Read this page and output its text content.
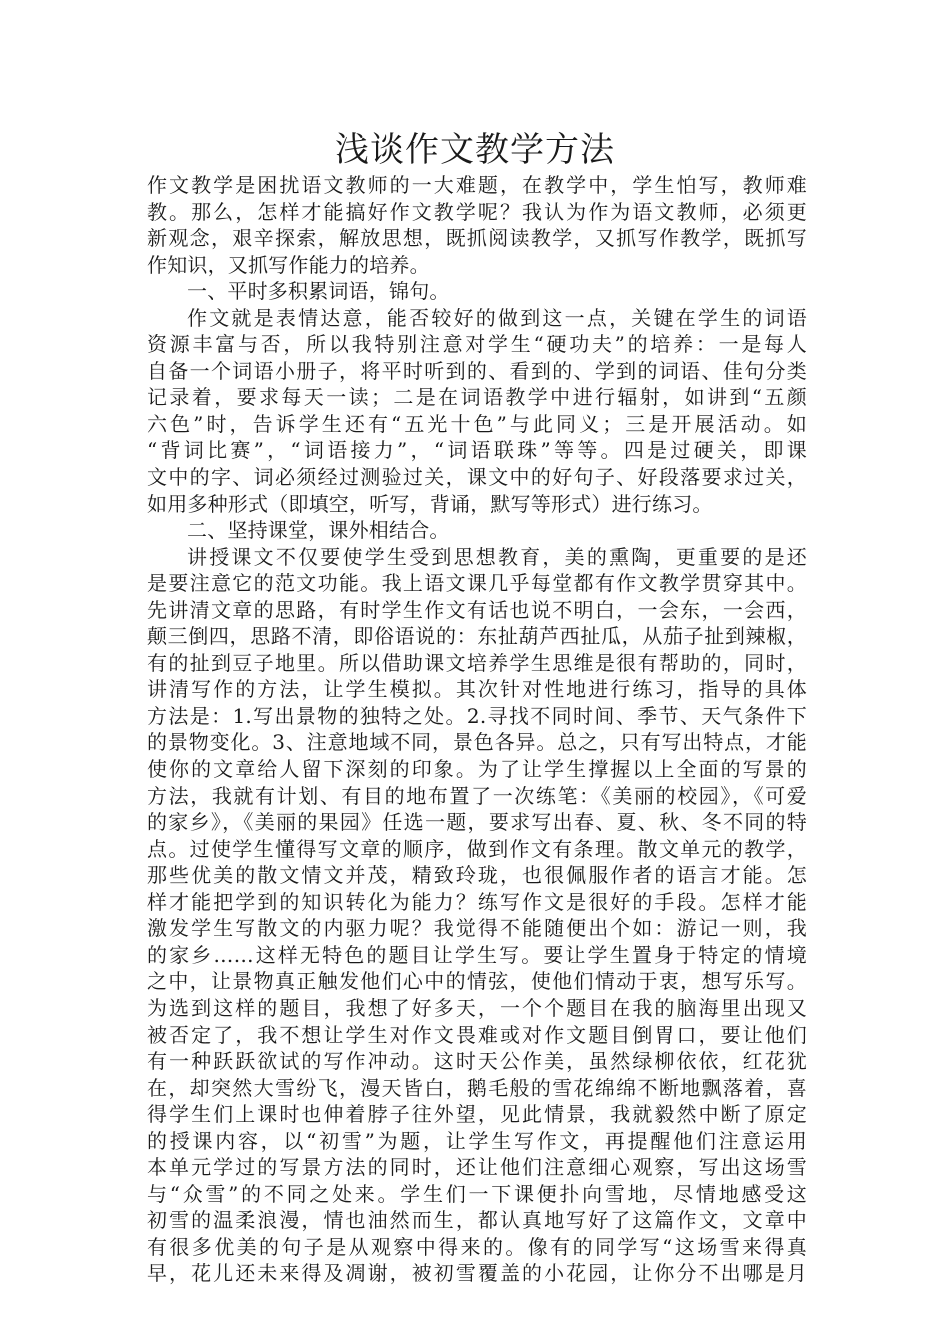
浅谈作文教学方法
作文教学是困扰语文教师的一大难题，在教学中，学生怕写，教师难
教。那么，怎样才能搞好作文教学呢？我认为作为语文教师，必须更
新观念，艰辛探索，解放思想，既抓阅读教学，又抓写作教学，既抓写
作知识，又抓写作能力的培养。
一、平时多积累词语，锦句。
作文就是表情达意，能否较好的做到这一点，关键在学生的词语
资源丰富与否，所以我特别注意对学生“硬功夫”的培养：一是每人
自备一个词语小册子，将平时听到的、看到的、学到的词语、佳句分类
记录着，要求每天一读；二是在词语教学中进行辐射，如讲到“五颜
六色”时，告诉学生还有“五光十色”与此同义；三是开展活动。如
“背词比赛”，“词语接力”，“词语联珠”等等。四是过硬关，即课
文中的字、词必须经过测验过关，课文中的好句子、好段落要求过关，
如用多种形式（即填空，听写，背诵，默写等形式）进行练习。
二、坚持课堂，课外相结合。
讲授课文不仅要使学生受到思想教育，美的熏陶，更重要的是还
是要注意它的范文功能。我上语文课几乎每堂都有作文教学贯穿其中。
先讲清文章的思路，有时学生作文有话也说不明白，一会东，一会西，
颠三倒四，思路不清，即俗语说的：东扯葫芦西扯瓜，从茄子扯到辣椒，
有的扯到豆子地里。所以借助课文培养学生思维是很有帮助的，同时，
讲清写作的方法，让学生模拟。其次针对性地进行练习，指导的具体
方法是：1.写出景物的独特之处。2.寻找不同时间、季节、天气条件下
的景物变化。3、注意地域不同，景色各异。总之，只有写出特点，才能
使你的文章给人留下深刻的印象。为了让学生撑握以上全面的写景的
方法，我就有计划、有目的地布置了一次练笔：《美丽的校园》，《可爱
的家乡》，《美丽的果园》任选一题，要求写出春、夏、秋、冬不同的特
点。过使学生懂得写文章的顺序，做到作文有条理。散文单元的教学，
那些优美的散文情文并茂，精致玲珑，也很佩服作者的语言才能。怎
样才能把学到的知识转化为能力？练写作文是很好的手段。怎样才能
激发学生写散文的内驱力呢？我觉得不能随便出个如：游记一则，我
的家乡……这样无特色的题目让学生写。要让学生置身于特定的情境
之中，让景物真正触发他们心中的情弦，使他们情动于衷，想写乐写。
为选到这样的题目，我想了好多天，一个个题目在我的脑海里出现又
被否定了，我不想让学生对作文畏难或对作文题目倒胃口，要让他们
有一种跃跃欲试的写作冲动。这时天公作美，虽然绿柳依依，红花犹
在，却突然大雪纷飞，漫天皆白，鹅毛般的雪花绵绵不断地飘落着，喜
得学生们上课时也伸着脖子往外望，见此情景，我就毅然中断了原定
的授课内容，以“初雪”为题，让学生写作文，再提醒他们注意运用
本单元学过的写景方法的同时，还让他们注意细心观察，写出这场雪
与“众雪”的不同之处来。学生们一下课便扑向雪地，尽情地感受这
初雪的温柔浪漫，情也油然而生，都认真地写好了这篇作文，文章中
有很多优美的句子是从观察中得来的。像有的同学写“这场雪来得真
早，花儿还未来得及凋谢，被初雪覆盖的小花园，让你分不出哪是月
